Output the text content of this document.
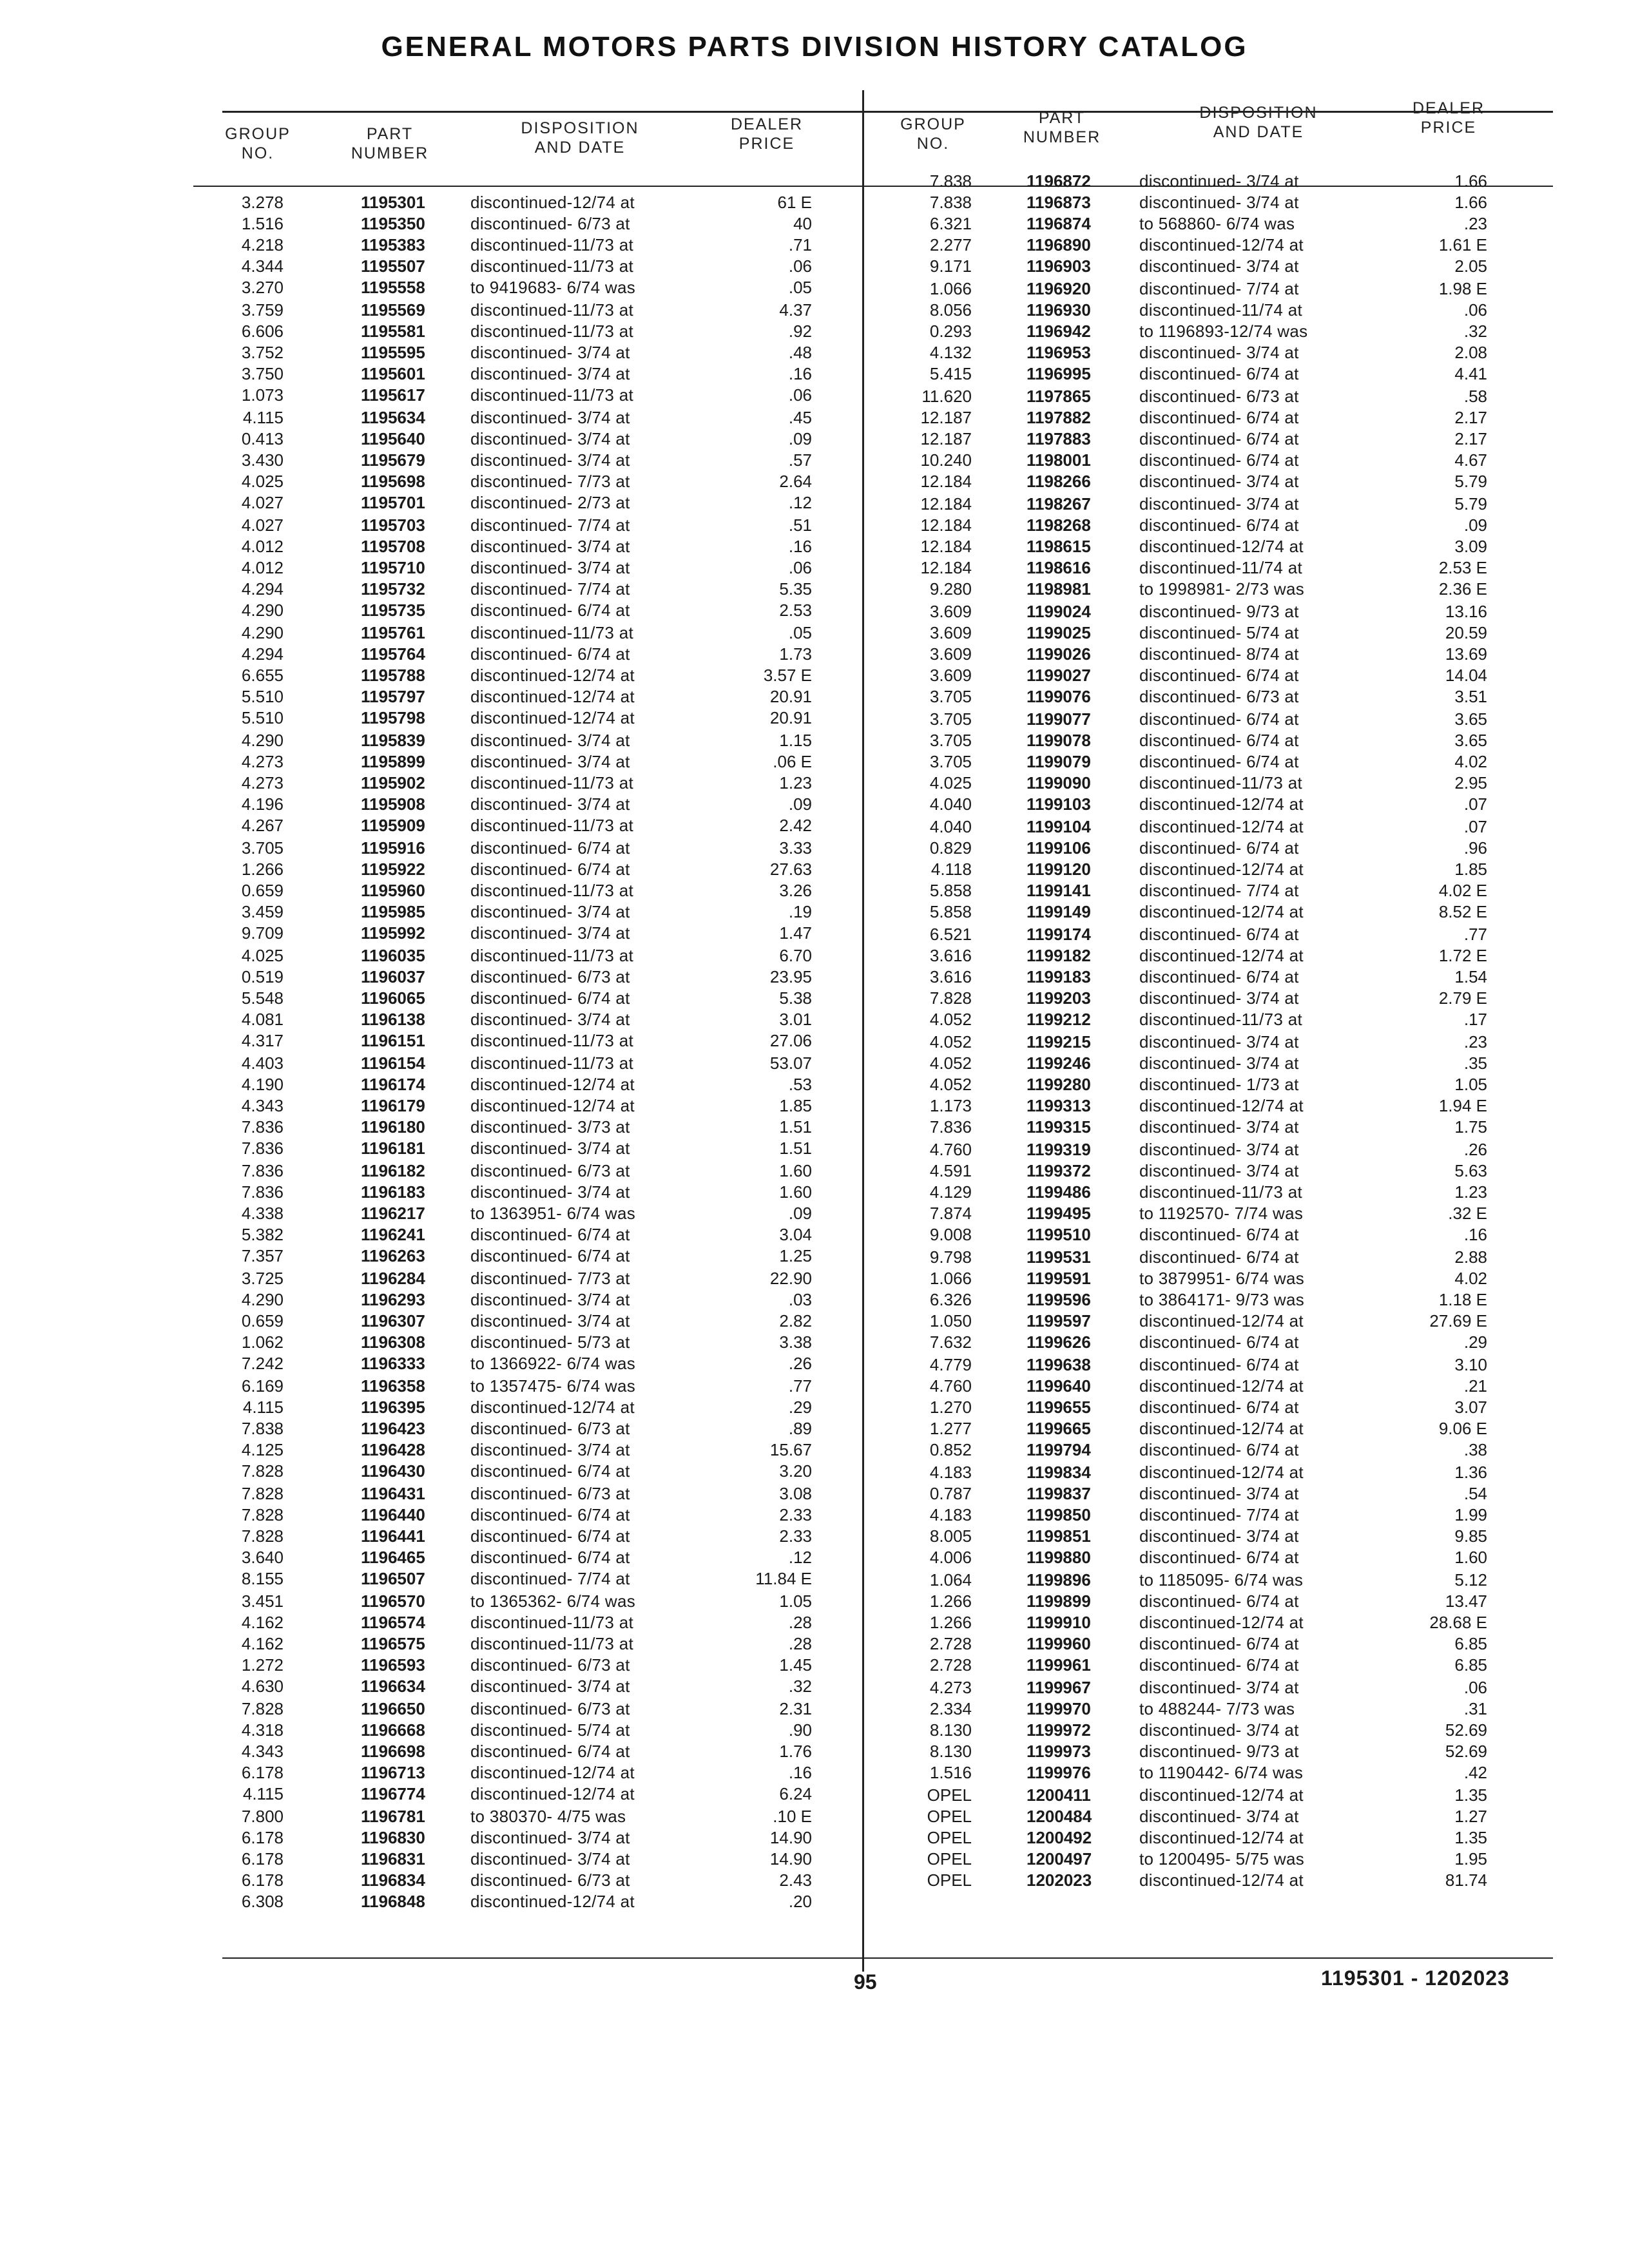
GENERAL MOTORS PARTS DIVISION HISTORY CATALOG
GROUP
NO.
PART
NUMBER
DISPOSITION
AND DATE
DEALER
PRICE
3.278	1195301	discontinued-12/74 at	61 E
1.516	1195350	discontinued- 6/73 at	40
4.218	1195383	discontinued-11/73 at	.71
4.344	1195507	discontinued-11/73 at	.06
3.270	1195558	to 9419683- 6/74 was	.05
3.759	1195569	discontinued-11/73 at	4.37
6.606	1195581	discontinued-11/73 at	.92
3.752	1195595	discontinued- 3/74 at	.48
3.750	1195601	discontinued- 3/74 at	.16
1.073	1195617	discontinued-11/73 at	.06
4.115	1195634	discontinued- 3/74 at	.45
0.413	1195640	discontinued- 3/74 at	.09
3.430	1195679	discontinued- 3/74 at	.57
4.025	1195698	discontinued- 7/73 at	2.64
4.027	1195701	discontinued- 2/73 at	.12
4.027	1195703	discontinued- 7/74 at	.51
4.012	1195708	discontinued- 3/74 at	.16
4.012	1195710	discontinued- 3/74 at	.06
4.294	1195732	discontinued- 7/74 at	5.35
4.290	1195735	discontinued- 6/74 at	2.53
4.290	1195761	discontinued-11/73 at	.05
4.294	1195764	discontinued- 6/74 at	1.73
6.655	1195788	discontinued-12/74 at	3.57 E
5.510	1195797	discontinued-12/74 at	20.91
5.510	1195798	discontinued-12/74 at	20.91
4.290	1195839	discontinued- 3/74 at	1.15
4.273	1195899	discontinued- 3/74 at	.06 E
4.273	1195902	discontinued-11/73 at	1.23
4.196	1195908	discontinued- 3/74 at	.09
4.267	1195909	discontinued-11/73 at	2.42
3.705	1195916	discontinued- 6/74 at	3.33
1.266	1195922	discontinued- 6/74 at	27.63
0.659	1195960	discontinued-11/73 at	3.26
3.459	1195985	discontinued- 3/74 at	.19
9.709	1195992	discontinued- 3/74 at	1.47
4.025	1196035	discontinued-11/73 at	6.70
0.519	1196037	discontinued- 6/73 at	23.95
5.548	1196065	discontinued- 6/74 at	5.38
4.081	1196138	discontinued- 3/74 at	3.01
4.317	1196151	discontinued-11/73 at	27.06
4.403	1196154	discontinued-11/73 at	53.07
4.190	1196174	discontinued-12/74 at	.53
4.343	1196179	discontinued-12/74 at	1.85
7.836	1196180	discontinued- 3/73 at	1.51
7.836	1196181	discontinued- 3/74 at	1.51
7.836	1196182	discontinued- 6/73 at	1.60
7.836	1196183	discontinued- 3/74 at	1.60
4.338	1196217	to 1363951- 6/74 was	.09
5.382	1196241	discontinued- 6/74 at	3.04
7.357	1196263	discontinued- 6/74 at	1.25
3.725	1196284	discontinued- 7/73 at	22.90
4.290	1196293	discontinued- 3/74 at	.03
0.659	1196307	discontinued- 3/74 at	2.82
1.062	1196308	discontinued- 5/73 at	3.38
7.242	1196333	to 1366922- 6/74 was	.26
6.169	1196358	to 1357475- 6/74 was	.77
4.115	1196395	discontinued-12/74 at	.29
7.838	1196423	discontinued- 6/73 at	.89
4.125	1196428	discontinued- 3/74 at	15.67
7.828	1196430	discontinued- 6/74 at	3.20
7.828	1196431	discontinued- 6/73 at	3.08
7.828	1196440	discontinued- 6/74 at	2.33
7.828	1196441	discontinued- 6/74 at	2.33
3.640	1196465	discontinued- 6/74 at	.12
8.155	1196507	discontinued- 7/74 at	11.84 E
3.451	1196570	to 1365362- 6/74 was	1.05
4.162	1196574	discontinued-11/73 at	.28
4.162	1196575	discontinued-11/73 at	.28
1.272	1196593	discontinued- 6/73 at	1.45
4.630	1196634	discontinued- 3/74 at	.32
7.828	1196650	discontinued- 6/73 at	2.31
4.318	1196668	discontinued- 5/74 at	.90
4.343	1196698	discontinued- 6/74 at	1.76
6.178	1196713	discontinued-12/74 at	.16
4.115	1196774	discontinued-12/74 at	6.24
7.800	1196781	to 380370- 4/75 was	.10 E
6.178	1196830	discontinued- 3/74 at	14.90
6.178	1196831	discontinued- 3/74 at	14.90
6.178	1196834	discontinued- 6/73 at	2.43
6.308	1196848	discontinued-12/74 at	.20
GROUP
NO.
PART
NUMBER
DISPOSITION
AND DATE
DEALER
PRICE
7.838	1196872	discontinued- 3/74 at	1.66
7.838	1196873	discontinued- 3/74 at	1.66
6.321	1196874	to 568860- 6/74 was	.23
2.277	1196890	discontinued-12/74 at	1.61 E
9.171	1196903	discontinued- 3/74 at	2.05
1.066	1196920	discontinued- 7/74 at	1.98 E
8.056	1196930	discontinued-11/74 at	.06
0.293	1196942	to 1196893-12/74 was	.32
4.132	1196953	discontinued- 3/74 at	2.08
5.415	1196995	discontinued- 6/74 at	4.41
11.620	1197865	discontinued- 6/73 at	.58
12.187	1197882	discontinued- 6/74 at	2.17
12.187	1197883	discontinued- 6/74 at	2.17
10.240	1198001	discontinued- 6/74 at	4.67
12.184	1198266	discontinued- 3/74 at	5.79
12.184	1198267	discontinued- 3/74 at	5.79
12.184	1198268	discontinued- 6/74 at	.09
12.184	1198615	discontinued-12/74 at	3.09
12.184	1198616	discontinued-11/74 at	2.53 E
9.280	1198981	to 1998981- 2/73 was	2.36 E
3.609	1199024	discontinued- 9/73 at	13.16
3.609	1199025	discontinued- 5/74 at	20.59
3.609	1199026	discontinued- 8/74 at	13.69
3.609	1199027	discontinued- 6/74 at	14.04
3.705	1199076	discontinued- 6/73 at	3.51
3.705	1199077	discontinued- 6/74 at	3.65
3.705	1199078	discontinued- 6/74 at	3.65
3.705	1199079	discontinued- 6/74 at	4.02
4.025	1199090	discontinued-11/73 at	2.95
4.040	1199103	discontinued-12/74 at	.07
4.040	1199104	discontinued-12/74 at	.07
0.829	1199106	discontinued- 6/74 at	.96
4.118	1199120	discontinued-12/74 at	1.85
5.858	1199141	discontinued- 7/74 at	4.02 E
5.858	1199149	discontinued-12/74 at	8.52 E
6.521	1199174	discontinued- 6/74 at	.77
3.616	1199182	discontinued-12/74 at	1.72 E
3.616	1199183	discontinued- 6/74 at	1.54
7.828	1199203	discontinued- 3/74 at	2.79 E
4.052	1199212	discontinued-11/73 at	.17
4.052	1199215	discontinued- 3/74 at	.23
4.052	1199246	discontinued- 3/74 at	.35
4.052	1199280	discontinued- 1/73 at	1.05
1.173	1199313	discontinued-12/74 at	1.94 E
7.836	1199315	discontinued- 3/74 at	1.75
4.760	1199319	discontinued- 3/74 at	.26
4.591	1199372	discontinued- 3/74 at	5.63
4.129	1199486	discontinued-11/73 at	1.23
7.874	1199495	to 1192570- 7/74 was	.32 E
9.008	1199510	discontinued- 6/74 at	.16
9.798	1199531	discontinued- 6/74 at	2.88
1.066	1199591	to 3879951- 6/74 was	4.02
6.326	1199596	to 3864171- 9/73 was	1.18 E
1.050	1199597	discontinued-12/74 at	27.69 E
7.632	1199626	discontinued- 6/74 at	.29
4.779	1199638	discontinued- 6/74 at	3.10
4.760	1199640	discontinued-12/74 at	.21
1.270	1199655	discontinued- 6/74 at	3.07
1.277	1199665	discontinued-12/74 at	9.06 E
0.852	1199794	discontinued- 6/74 at	.38
4.183	1199834	discontinued-12/74 at	1.36
0.787	1199837	discontinued- 3/74 at	.54
4.183	1199850	discontinued- 7/74 at	1.99
8.005	1199851	discontinued- 3/74 at	9.85
4.006	1199880	discontinued- 6/74 at	1.60
1.064	1199896	to 1185095- 6/74 was	5.12
1.266	1199899	discontinued- 6/74 at	13.47
1.266	1199910	discontinued-12/74 at	28.68 E
2.728	1199960	discontinued- 6/74 at	6.85
2.728	1199961	discontinued- 6/74 at	6.85
4.273	1199967	discontinued- 3/74 at	.06
2.334	1199970	to 488244- 7/73 was	.31
8.130	1199972	discontinued- 3/74 at	52.69
8.130	1199973	discontinued- 9/73 at	52.69
1.516	1199976	to 1190442- 6/74 was	.42
OPEL	1200411	discontinued-12/74 at	1.35
OPEL	1200484	discontinued- 3/74 at	1.27
OPEL	1200492	discontinued-12/74 at	1.35
OPEL	1200497	to 1200495- 5/75 was	1.95
OPEL	1202023	discontinued-12/74 at	81.74
95	1195301 - 1202023
